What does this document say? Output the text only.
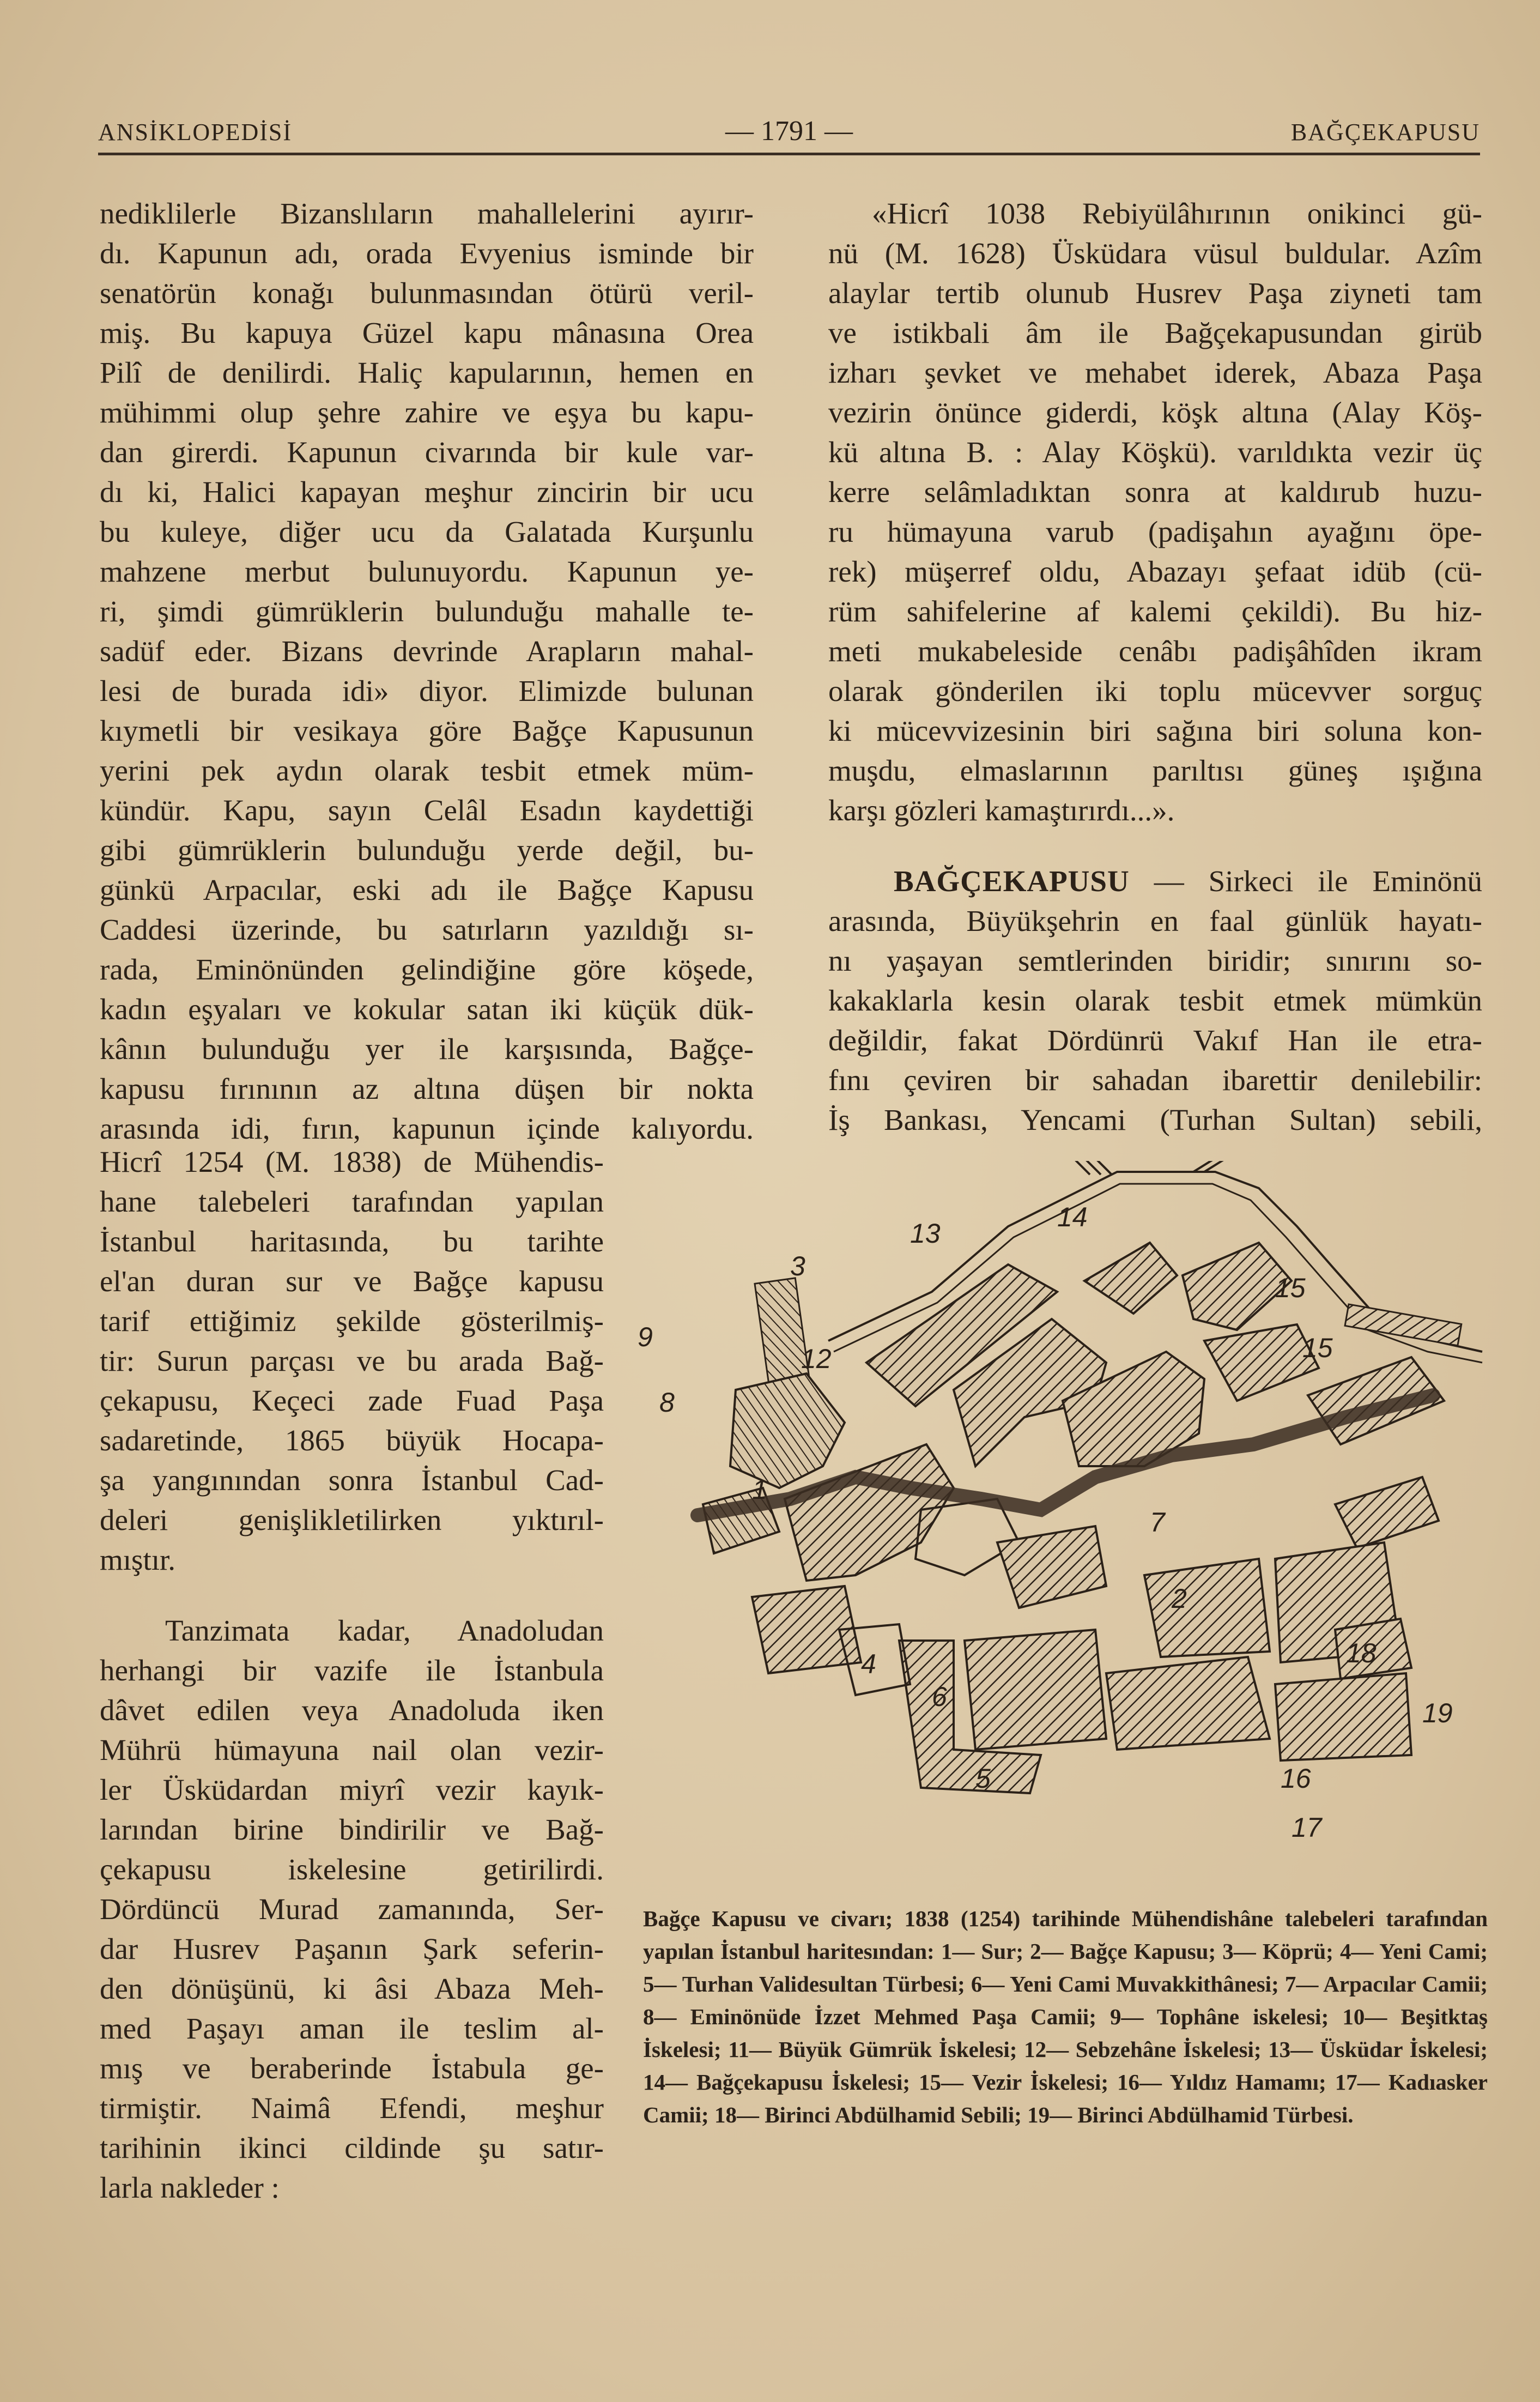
ANSİKLOPEDİSİ	— 1791 —	BAĞÇEKAPUSU
nediklilerle Bizanslıların mahallelerini ayırır-
dı. Kapunun adı, orada Evyenius isminde bir
senatörün konağı bulunmasından ötürü veril-
miş. Bu kapuya Güzel kapu mânasına Orea
Pilî de denilirdi. Haliç kapularının, hemen en
mühimmi olup şehre zahire ve eşya bu kapu-
dan girerdi. Kapunun civarında bir kule var-
dı ki, Halici kapayan meşhur zincirin bir ucu
bu kuleye, diğer ucu da Galatada Kurşunlu
mahzene merbut bulunuyordu. Kapunun ye-
ri, şimdi gümrüklerin bulunduğu mahalle te-
sadüf eder. Bizans devrinde Arapların mahal-
lesi de burada idi» diyor. Elimizde bulunan
kıymetli bir vesikaya göre Bağçe Kapusunun
yerini pek aydın olarak tesbit etmek müm-
kündür. Kapu, sayın Celâl Esadın kaydettiği
gibi gümrüklerin bulunduğu yerde değil, bu-
günkü Arpacılar, eski adı ile Bağçe Kapusu
Caddesi üzerinde, bu satırların yazıldığı sı-
rada, Eminönünden gelindiğine göre köşede,
kadın eşyaları ve kokular satan iki küçük dük-
kânın bulunduğu yer ile karşısında, Bağçe-
kapusu fırınının az altına düşen bir nokta
arasında idi, fırın, kapunun içinde kalıyordu.
Hicrî 1254 (M. 1838) de Mühendis-
hane talebeleri tarafından yapılan
İstanbul haritasında, bu tarihte
el'an duran sur ve Bağçe kapusu
tarif ettiğimiz şekilde gösterilmiş-
tir: Surun parçası ve bu arada Bağ-
çekapusu, Keçeci zade Fuad Paşa
sadaretinde, 1865 büyük Hocapa-
şa yangınından sonra İstanbul Cad-
deleri genişlikletilirken yıktırıl-
mıştır.
Tanzimata kadar, Anadoludan
herhangi bir vazife ile İstanbula
dâvet edilen veya Anadoluda iken
Mührü hümayuna nail olan vezir-
ler Üsküdardan miyrî vezir kayık-
larından birine bindirilir ve Bağ-
çekapusu iskelesine getirilirdi.
Dördüncü Murad zamanında, Ser-
dar Husrev Paşanın Şark seferin-
den dönüşünü, ki âsi Abaza Meh-
med Paşayı aman ile teslim al-
mış ve beraberinde İstabula ge-
tirmiştir. Naimâ Efendi, meşhur
tarihinin ikinci cildinde şu satır-
larla nakleder :
«Hicrî 1038 Rebiyülâhırının onikinci gü-
nü (M. 1628) Üsküdara vüsul buldular. Azîm
alaylar tertib olunub Husrev Paşa ziyneti tam
ve istikbali âm ile Bağçekapusundan girüb
izharı şevket ve mehabet iderek, Abaza Paşa
vezirin önünce giderdi, köşk altına (Alay Köş-
kü altına B. : Alay Köşkü). varıldıkta vezir üç
kerre selâmladıktan sonra at kaldırub huzu-
ru hümayuna varub (padişahın ayağını öpe-
rek) müşerref oldu, Abazayı şefaat idüb (cü-
rüm sahifelerine af kalemi çekildi). Bu hiz-
meti mukabeleside cenâbı padişâhîden ikram
olarak gönderilen iki toplu mücevver sorguç
ki mücevvizesinin biri sağına biri soluna kon-
muşdu, elmaslarının parıltısı güneş ışığına
karşı gözleri kamaştırırdı...».
BAĞÇEKAPUSU — Sirkeci ile Eminönü
arasında, Büyükşehrin en faal günlük hayatı-
nı yaşayan semtlerinden biridir; sınırını so-
kakaklarla kesin olarak tesbit etmek mümkün
değildir, fakat Dördünrü Vakıf Han ile etra-
fını çeviren bir sahadan ibarettir denilebilir:
İş Bankası, Yencami (Turhan Sultan) sebili,
14
13
15
15
3
9
12
8
1
7
2
4
6
18
19
5	16
17
Bağçe Kapusu ve civarı; 1838 (1254) tarihinde Mühendishâne talebeleri tarafından yapılan İstanbul haritesından: 1— Sur; 2— Bağçe Kapusu; 3— Köprü; 4— Yeni Cami; 5— Turhan Validesultan Türbesi; 6— Yeni Cami Muvakkithânesi; 7— Arpacılar Camii; 8— Eminönüde İzzet Mehmed Paşa Camii; 9— Tophâne iskelesi; 10— Beşitktaş İskelesi; 11— Büyük Gümrük İskelesi; 12— Sebzehâne İskelesi; 13— Üsküdar İskelesi; 14— Bağçekapusu İskelesi; 15— Vezir İskelesi; 16— Yıldız Hamamı; 17— Kadıasker Camii; 18— Birinci Abdülhamid Sebili; 19— Birinci Abdülhamid Türbesi.
